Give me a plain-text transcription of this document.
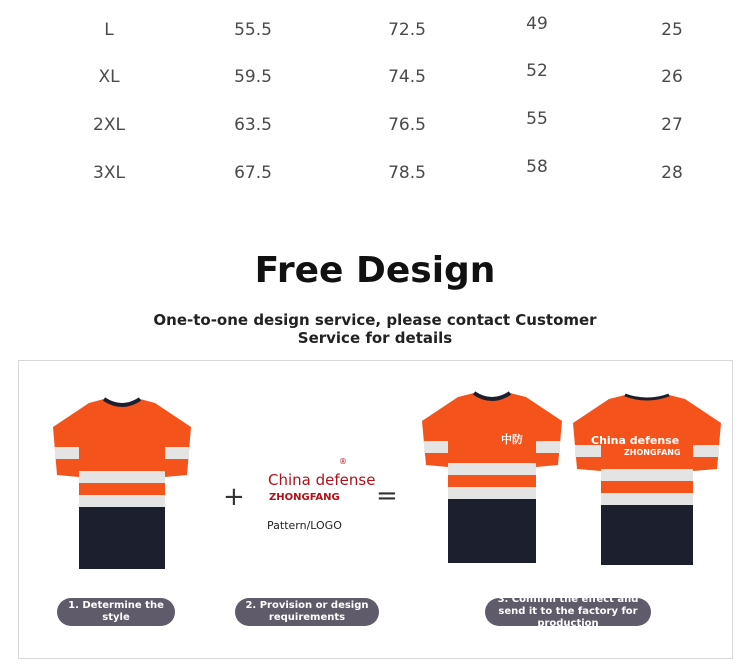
L	55.5	72.5	49	25
XL	59.5	74.5	52	26
2XL	63.5	76.5	55	27
3XL	67.5	78.5	58	28
Free Design
One-to-one design service, please contact Customer Service for details
+
®
China defense
ZHONGFANG
Pattern/LOGO
=
中防	China defense
ZHONGFANG
1. Determine the style
2. Provision or design requirements
3. Confirm the effect and send it to the factory for production
